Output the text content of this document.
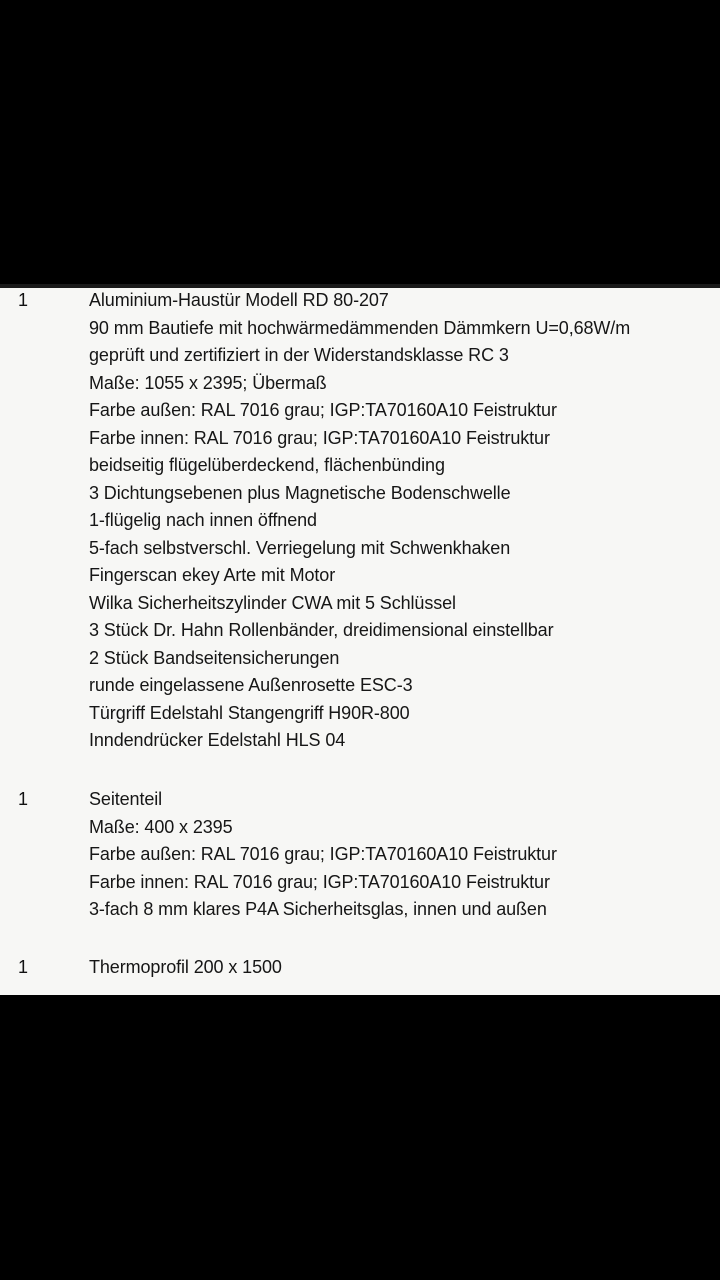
1	Aluminium-Haustür Modell RD 80-207
90 mm Bautiefe mit hochwärmedämmenden Dämmkern U=0,68W/m
geprüft und zertifiziert in der Widerstandsklasse RC 3
Maße: 1055 x 2395; Übermaß
Farbe außen: RAL 7016 grau; IGP:TA70160A10 Feistruktur
Farbe innen: RAL 7016 grau; IGP:TA70160A10 Feistruktur
beidseitig flügelüberdeckend, flächenbünding
3 Dichtungsebenen plus Magnetische Bodenschwelle
1-flügelig nach innen öffnend
5-fach selbstverschl. Verriegelung mit Schwenkhaken
Fingerscan ekey Arte mit Motor
Wilka Sicherheitszylinder CWA mit 5 Schlüssel
3 Stück Dr. Hahn Rollenbänder, dreidimensional einstellbar
2 Stück Bandseitensicherungen
runde eingelassene Außenrosette ESC-3
Türgriff Edelstahl Stangengriff H90R-800
Inndendrücker Edelstahl HLS 04
1	Seitenteil
Maße: 400 x 2395
Farbe außen: RAL 7016 grau; IGP:TA70160A10 Feistruktur
Farbe innen: RAL 7016 grau; IGP:TA70160A10 Feistruktur
3-fach 8 mm klares P4A Sicherheitsglas, innen und außen
1	Thermoprofil 200 x 1500
